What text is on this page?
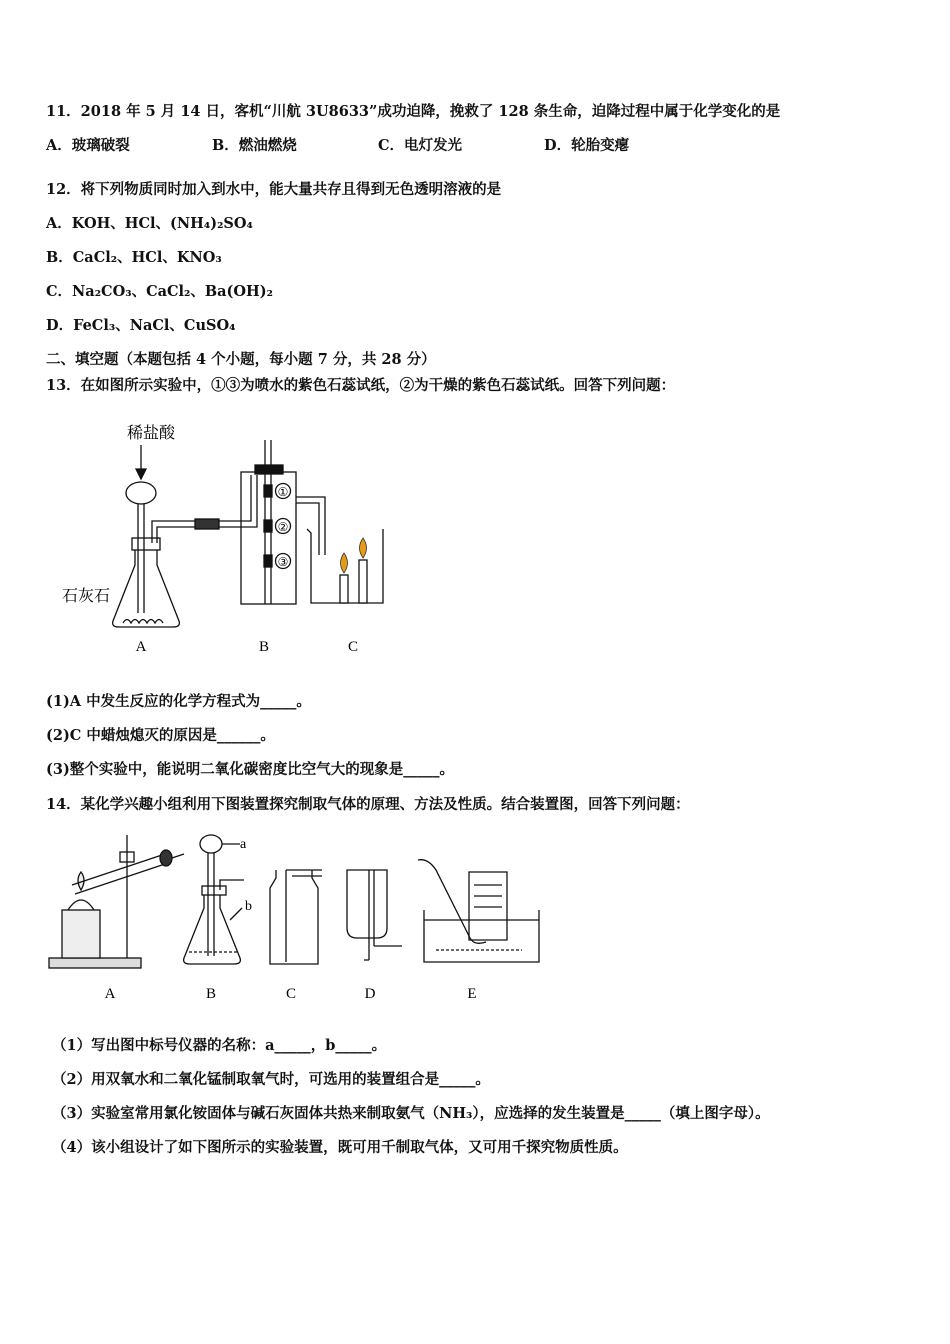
11．2018 年 5 月 14 日，客机“川航 3U8633”成功迫降，挽救了 128 条生命，迫降过程中属于化学变化的是
A．玻璃破裂	B．燃油燃烧	C．电灯发光	D．轮胎变瘪
12．将下列物质同时加入到水中，能大量共存且得到无色透明溶液的是
A．KOH、HCl、(NH₄)₂SO₄
B．CaCl₂、HCl、KNO₃
C．Na₂CO₃、CaCl₂、Ba(OH)₂
D．FeCl₃、NaCl、CuSO₄
二、填空题（本题包括 4 个小题，每小题 7 分，共 28 分）
13．在如图所示实验中，①③为喷水的紫色石蕊试纸，②为干燥的紫色石蕊试纸。回答下列问题：
稀盐酸
石灰石
①
②
③
A	B	C
(1)A 中发生反应的化学方程式为_____。
(2)C 中蜡烛熄灭的原因是______。
(3)整个实验中，能说明二氧化碳密度比空气大的现象是_____。
14．某化学兴趣小组利用下图装置探究制取气体的原理、方法及性质。结合装置图，回答下列问题：
a
b
A	B	C	D	E
（1）写出图中标号仪器的名称：a_____，b_____。
（2）用双氧水和二氧化锰制取氧气时，可选用的装置组合是_____。
（3）实验室常用氯化铵固体与碱石灰固体共热来制取氨气（NH₃），应选择的发生装置是_____（填上图字母）。
（4）该小组设计了如下图所示的实验装置，既可用千制取气体，又可用千探究物质性质。
